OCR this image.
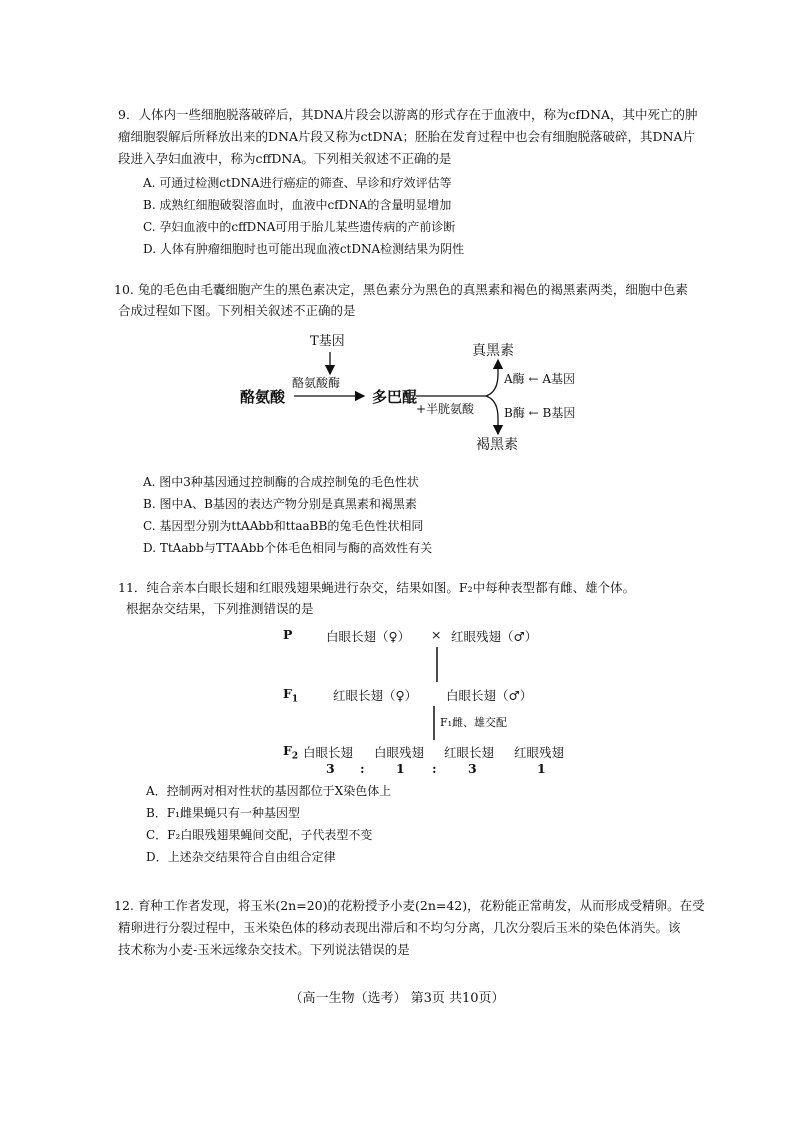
9．人体内一些细胞脱落破碎后，其DNA片段会以游离的形式存在于血液中，称为cfDNA，其中死亡的肿
瘤细胞裂解后所释放出来的DNA片段又称为ctDNA；胚胎在发育过程中也会有细胞脱落破碎，其DNA片
段进入孕妇血液中，称为cffDNA。下列相关叙述不正确的是
A. 可通过检测ctDNA进行癌症的筛查、早诊和疗效评估等
B. 成熟红细胞破裂溶血时，血液中cfDNA的含量明显增加
C. 孕妇血液中的cffDNA可用于胎儿某些遗传病的产前诊断
D. 人体有肿瘤细胞时也可能出现血液ctDNA检测结果为阴性
10. 兔的毛色由毛囊细胞产生的黑色素决定，黑色素分为黑色的真黑素和褐色的褐黑素两类，细胞中色素
合成过程如下图。下列相关叙述不正确的是
T基因
酪氨酸酶
酪氨酸	多巴醌
+半胱氨酸
真黑素
褐黑素
A酶 ← A基因
B酶 ← B基因
A. 图中3种基因通过控制酶的合成控制兔的毛色性状
B. 图中A、B基因的表达产物分别是真黑素和褐黑素
C. 基因型分别为ttAAbb和ttaaBB的兔毛色性状相同
D. TtAabb与TTAAbb个体毛色相同与酶的高效性有关
11．纯合亲本白眼长翅和红眼残翅果蝇进行杂交，结果如图。F₂中每种表型都有雌、雄个体。
根据杂交结果，下列推测错误的是
P	白眼长翅（♀） × 红眼残翅（♂）
$F_1$	红眼长翅（♀） 白眼长翅（♂）
F₁雌、雄交配
$F_2$ 白眼长翅 白眼残翅 红眼长翅 红眼残翅
3 :	1 :	3	1
A．控制两对相对性状的基因都位于X染色体上
B．F₁雌果蝇只有一种基因型
C．F₂白眼残翅果蝇间交配，子代表型不变
D．上述杂交结果符合自由组合定律
12. 育种工作者发现，将玉米(2n=20)的花粉授予小麦(2n=42)，花粉能正常萌发，从而形成受精卵。在受
精卵进行分裂过程中，玉米染色体的移动表现出滞后和不均匀分离，几次分裂后玉米的染色体消失。该
技术称为小麦-玉米远缘杂交技术。下列说法错误的是
（高一生物（选考） 第3页 共10页）
